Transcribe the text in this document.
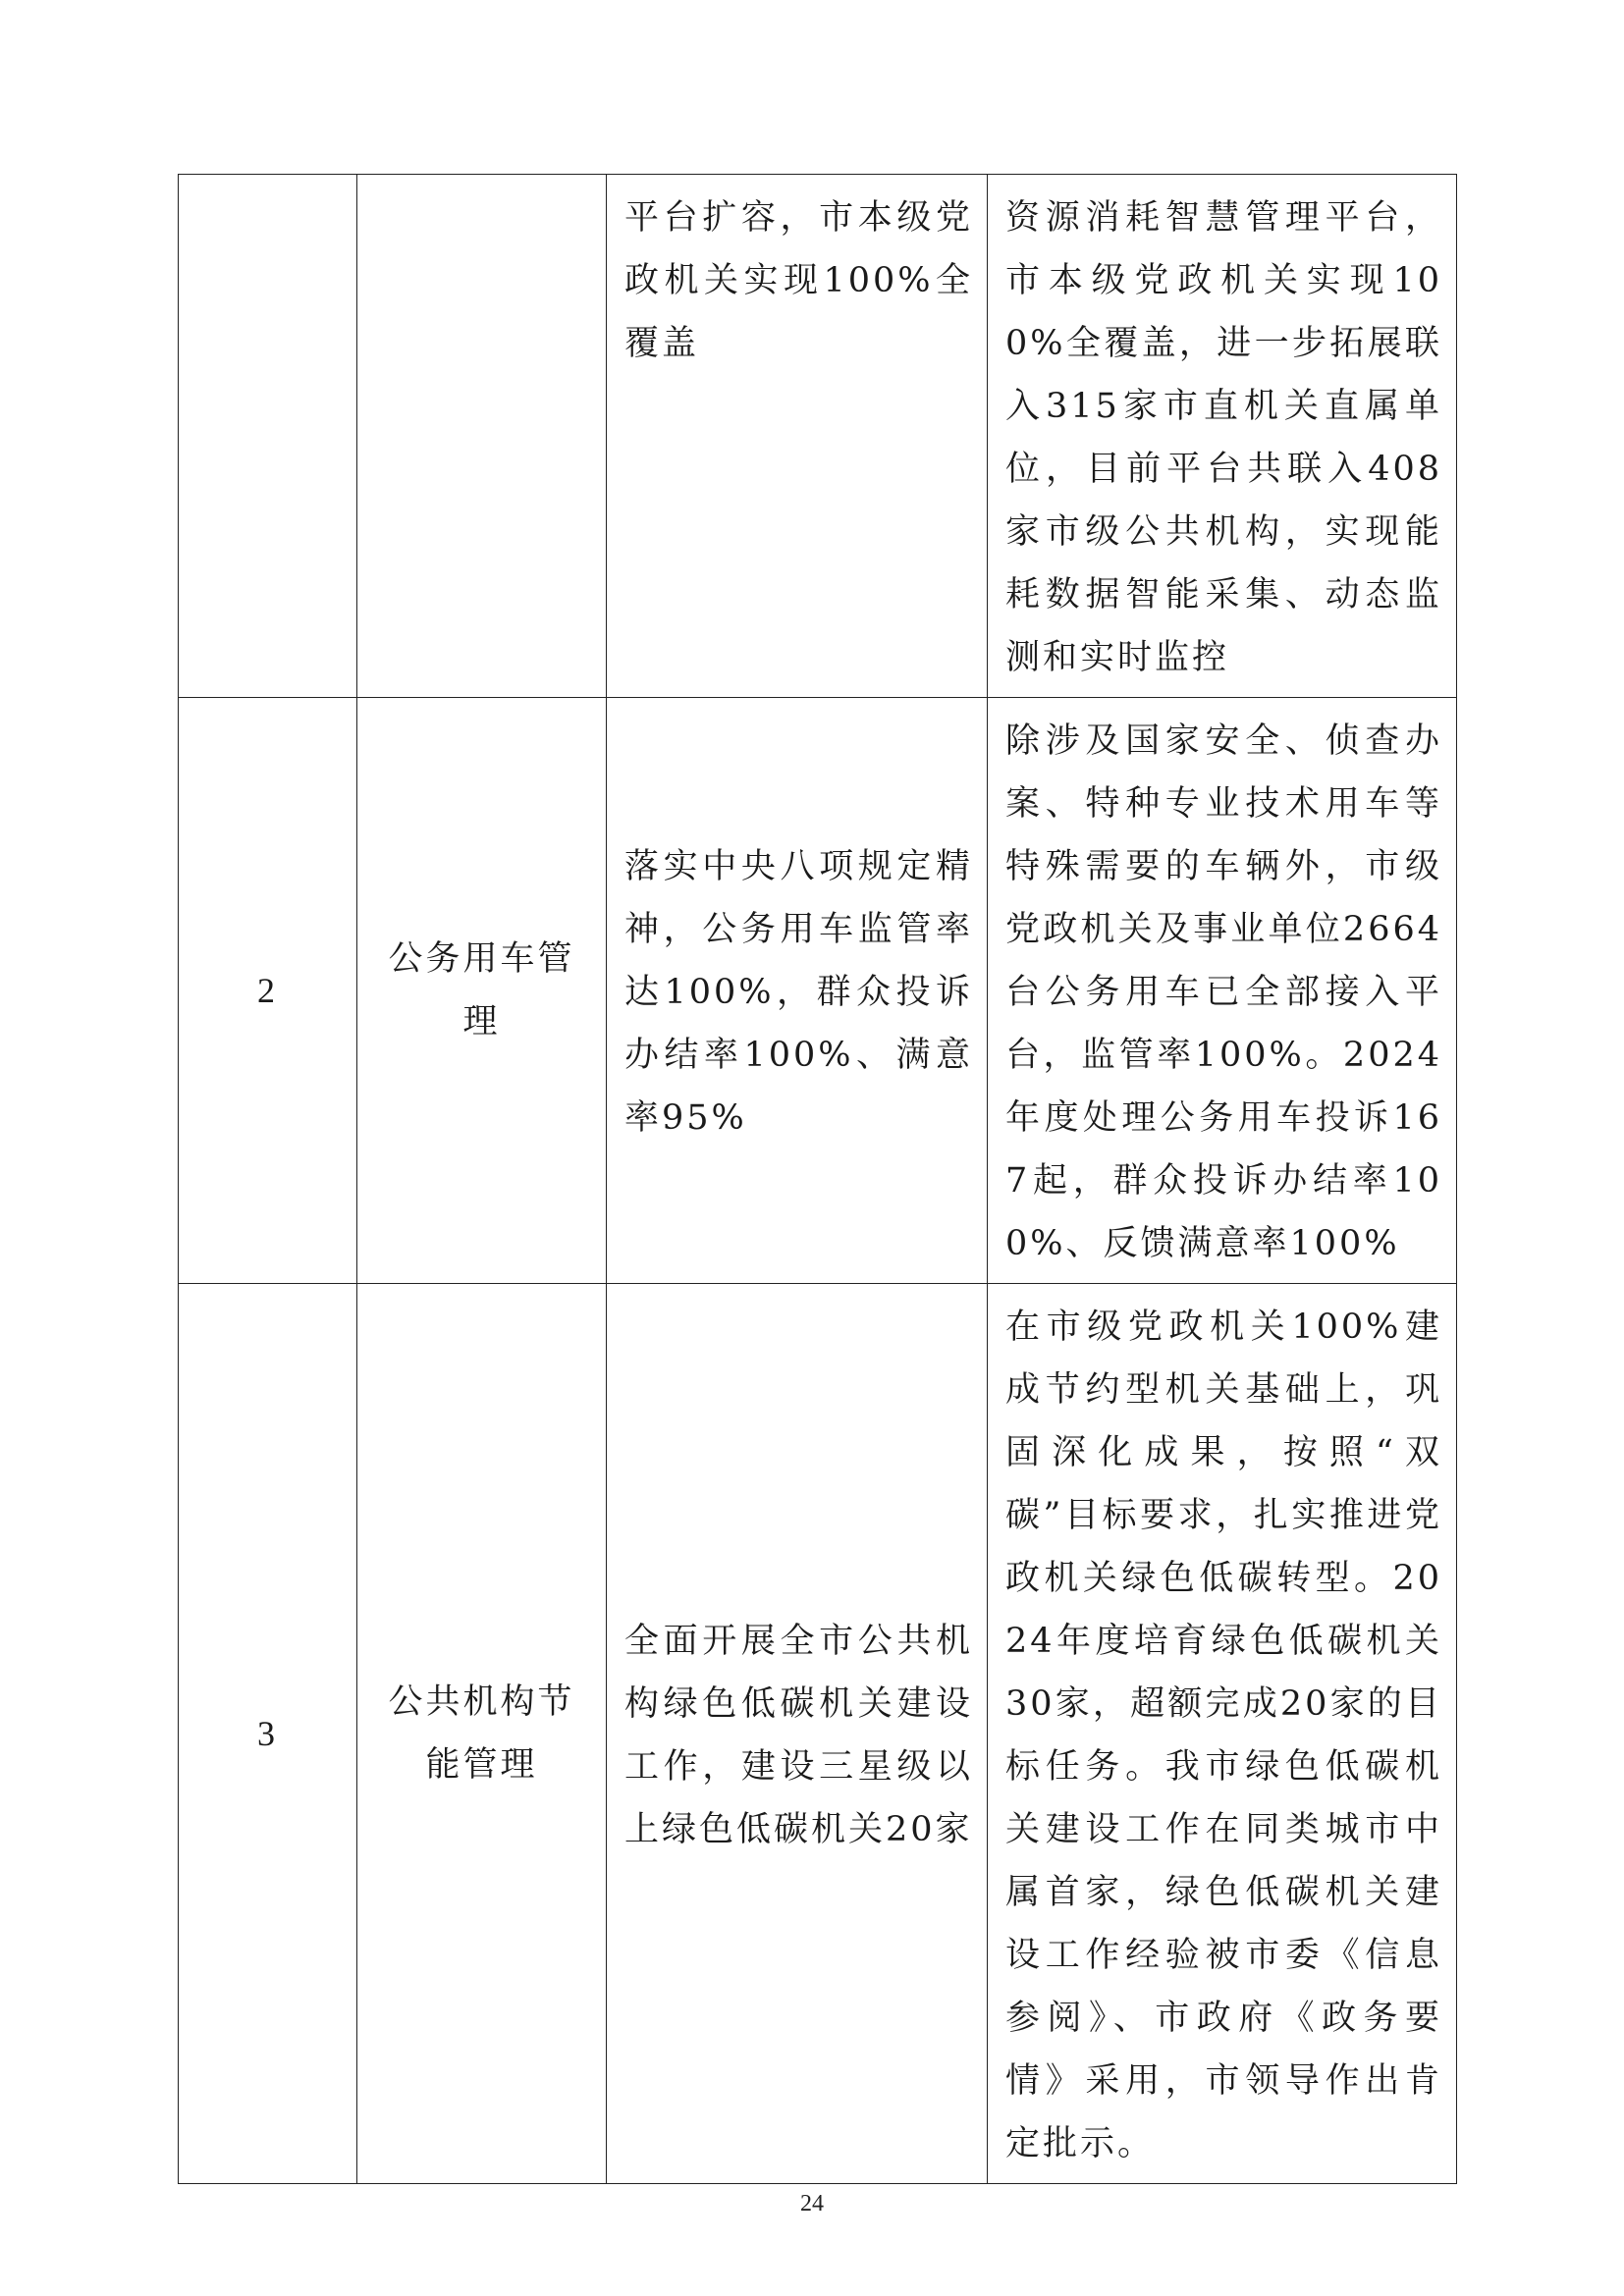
		平台扩容，市本级党政机关实现100%全覆盖	资源消耗智慧管理平台，市本级党政机关实现100%全覆盖，进一步拓展联入315家市直机关直属单位，目前平台共联入408家市级公共机构，实现能耗数据智能采集、动态监测和实时监控
2	公务用车管理	落实中央八项规定精神，公务用车监管率达100%，群众投诉办结率100%、满意率95%	除涉及国家安全、侦查办案、特种专业技术用车等特殊需要的车辆外，市级党政机关及事业单位2664台公务用车已全部接入平台，监管率100%。2024年度处理公务用车投诉167起，群众投诉办结率100%、反馈满意率100%
3	公共机构节能管理	全面开展全市公共机构绿色低碳机关建设工作，建设三星级以上绿色低碳机关20家	在市级党政机关100%建成节约型机关基础上，巩固深化成果，按照“双碳”目标要求，扎实推进党政机关绿色低碳转型。2024年度培育绿色低碳机关30家，超额完成20家的目标任务。我市绿色低碳机关建设工作在同类城市中属首家，绿色低碳机关建设工作经验被市委《信息参阅》、市政府《政务要情》采用，市领导作出肯定批示。
24
